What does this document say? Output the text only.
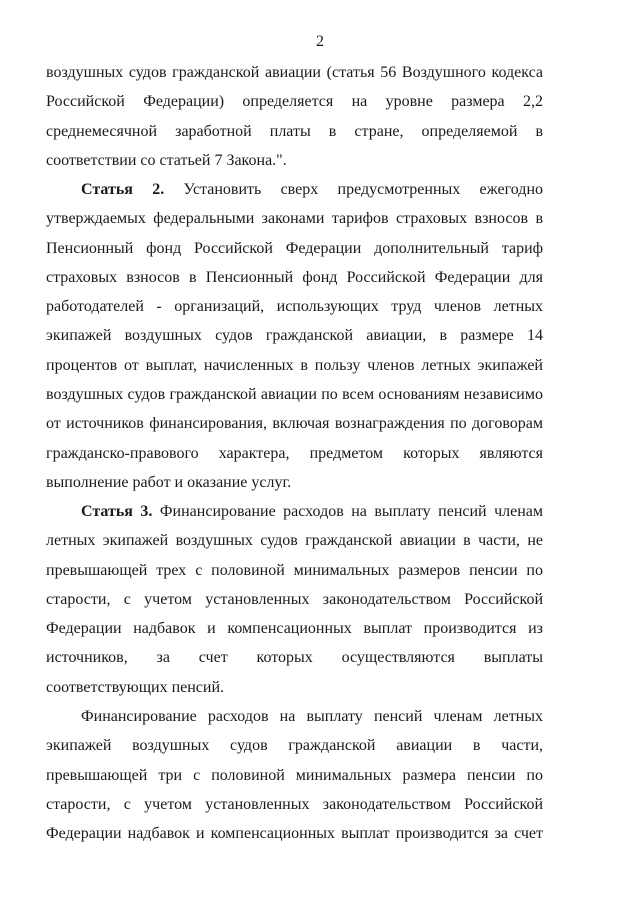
2
воздушных судов гражданской авиации (статья 56 Воздушного кодекса
Российской Федерации) определяется на уровне размера 2,2
среднемесячной заработной платы в стране, определяемой в
соответствии со статьей 7 Закона.".
Статья 2. Установить сверх предусмотренных ежегодно
утверждаемых федеральными законами тарифов страховых взносов в
Пенсионный фонд Российской Федерации дополнительный тариф
страховых взносов в Пенсионный фонд Российской Федерации для
работодателей - организаций, использующих труд членов летных
экипажей воздушных судов гражданской авиации, в размере 14
процентов от выплат, начисленных в пользу членов летных экипажей
воздушных судов гражданской авиации по всем основаниям независимо
от источников финансирования, включая вознаграждения по договорам
гражданско-правового характера, предметом которых являются
выполнение работ и оказание услуг.
Статья 3. Финансирование расходов на выплату пенсий членам
летных экипажей воздушных судов гражданской авиации в части, не
превышающей трех с половиной минимальных размеров пенсии по
старости, с учетом установленных законодательством Российской
Федерации надбавок и компенсационных выплат производится из
источников, за счет которых осуществляются выплаты
соответствующих пенсий.
Финансирование расходов на выплату пенсий членам летных
экипажей воздушных судов гражданской авиации в части,
превышающей три с половиной минимальных размера пенсии по
старости, с учетом установленных законодательством Российской
Федерации надбавок и компенсационных выплат производится за счет
